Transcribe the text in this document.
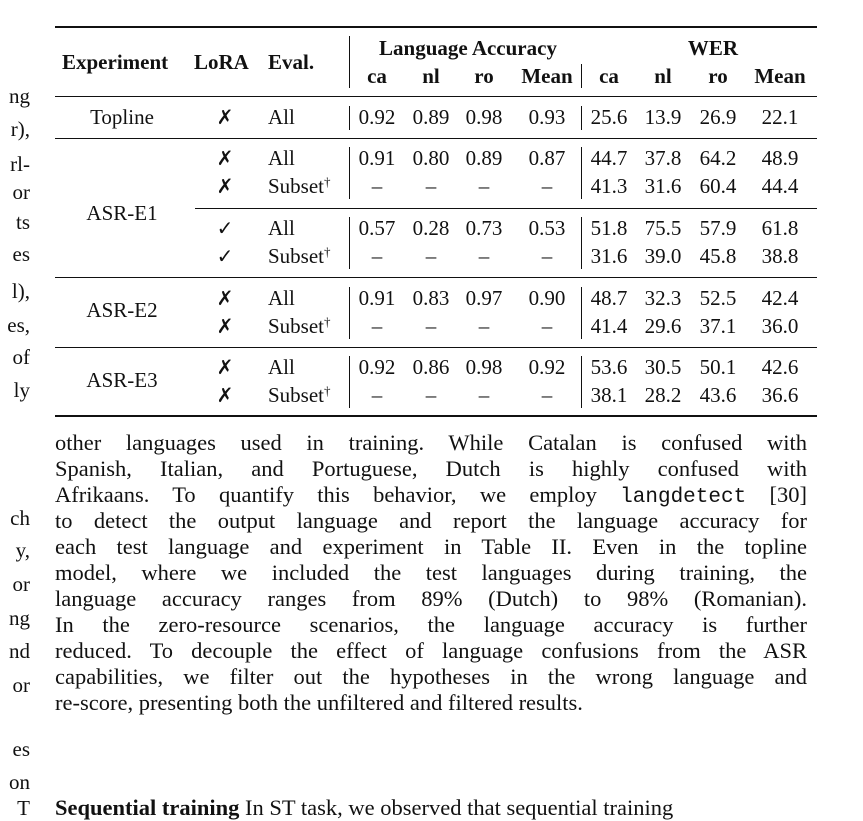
ng
r),
rl-
or
ts
es
l),
es,
of
ly
ch
y,
or
ng
nd
or
es
on
T
Experiment LoRA Eval.
Language Accuracy	WER
ca nl ro Mean ca nl ro Mean
Topline	✗ All	0.92 0.89 0.98 0.93 25.6 13.9 26.9 22.1
ASR-E1
✗ All	0.91 0.80 0.89 0.87 44.7 37.8 64.2 48.9
✗ Subset† – – –	– 41.3 31.6 60.4 44.4
✓ All	0.57 0.28 0.73 0.53 51.8 75.5 57.9 61.8
✓ Subset† – – –	– 31.6 39.0 45.8 38.8
ASR-E2	✗ All	0.91 0.83 0.97 0.90 48.7 32.3 52.5 42.4
✗ Subset† – – –	– 41.4 29.6 37.1 36.0
ASR-E3
✗ All	0.92 0.86 0.98 0.92 53.6 30.5 50.1 42.6
✗ Subset† – – –	– 38.1 28.2 43.6 36.6
other languages used in training. While Catalan is confused with
Spanish, Italian, and Portuguese, Dutch is highly confused with
Afrikaans. To quantify this behavior, we employ langdetect [30]
to detect the output language and report the language accuracy for
each test language and experiment in Table II. Even in the topline
model, where we included the test languages during training, the
language accuracy ranges from 89% (Dutch) to 98% (Romanian).
In the zero-resource scenarios, the language accuracy is further
reduced. To decouple the effect of language confusions from the ASR
capabilities, we filter out the hypotheses in the wrong language and
re-score, presenting both the unfiltered and filtered results.
Sequential training In ST task, we observed that sequential training
